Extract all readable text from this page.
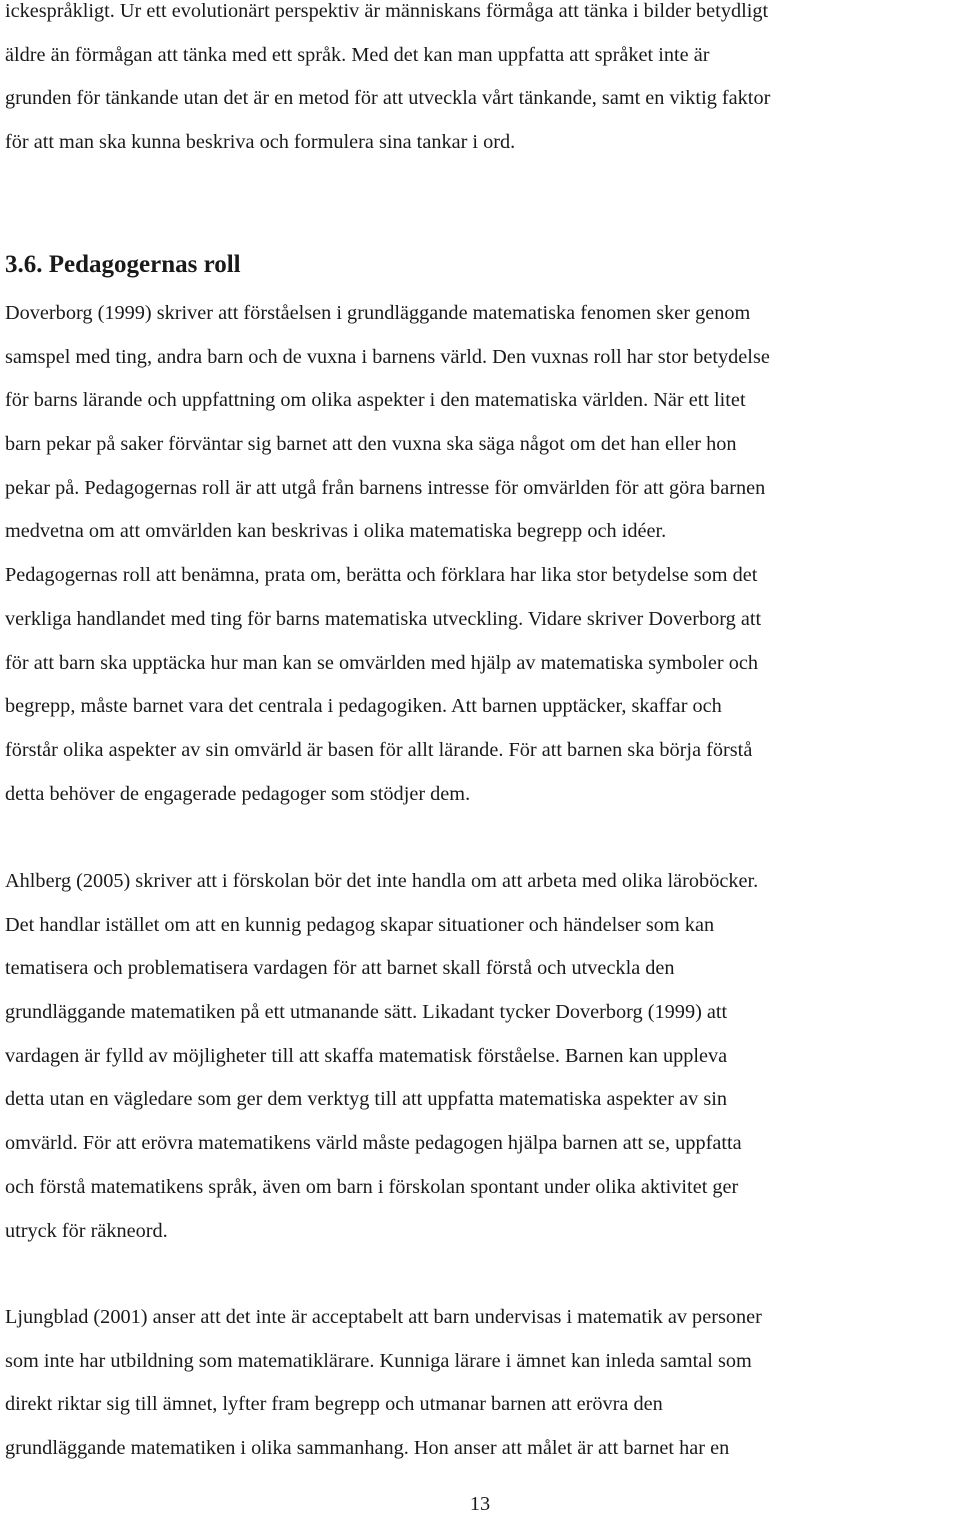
ickespråkligt. Ur ett evolutionärt perspektiv är människans förmåga att tänka i bilder betydligt
äldre än förmågan att tänka med ett språk. Med det kan man uppfatta att språket inte är
grunden för tänkande utan det är en metod för att utveckla vårt tänkande, samt en viktig faktor
för att man ska kunna beskriva och formulera sina tankar i ord.

3.6. Pedagogernas roll

Doverborg (1999) skriver att förståelsen i grundläggande matematiska fenomen sker genom
samspel med ting, andra barn och de vuxna i barnens värld. Den vuxnas roll har stor betydelse
för barns lärande och uppfattning om olika aspekter i den matematiska världen. När ett litet
barn pekar på saker förväntar sig barnet att den vuxna ska säga något om det han eller hon
pekar på. Pedagogernas roll är att utgå från barnens intresse för omvärlden för att göra barnen
medvetna om att omvärlden kan beskrivas i olika matematiska begrepp och idéer.
Pedagogernas roll att benämna, prata om, berätta och förklara har lika stor betydelse som det
verkliga handlandet med ting för barns matematiska utveckling. Vidare skriver Doverborg att
för att barn ska upptäcka hur man kan se omvärlden med hjälp av matematiska symboler och
begrepp, måste barnet vara det centrala i pedagogiken. Att barnen upptäcker, skaffar och
förstår olika aspekter av sin omvärld är basen för allt lärande. För att barnen ska börja förstå
detta behöver de engagerade pedagoger som stödjer dem.

Ahlberg (2005) skriver att i förskolan bör det inte handla om att arbeta med olika läroböcker.
Det handlar istället om att en kunnig pedagog skapar situationer och händelser som kan
tematisera och problematisera vardagen för att barnet skall förstå och utveckla den
grundläggande matematiken på ett utmanande sätt. Likadant tycker Doverborg (1999) att
vardagen är fylld av möjligheter till att skaffa matematisk förståelse. Barnen kan uppleva
detta utan en vägledare som ger dem verktyg till att uppfatta matematiska aspekter av sin
omvärld. För att erövra matematikens värld måste pedagogen hjälpa barnen att se, uppfatta
och förstå matematikens språk, även om barn i förskolan spontant under olika aktivitet ger
utryck för räkneord.

Ljungblad (2001) anser att det inte är acceptabelt att barn undervisas i matematik av personer
som inte har utbildning som matematiklärare. Kunniga lärare i ämnet kan inleda samtal som
direkt riktar sig till ämnet, lyfter fram begrepp och utmanar barnen att erövra den
grundläggande matematiken i olika sammanhang. Hon anser att målet är att barnet har en

13
